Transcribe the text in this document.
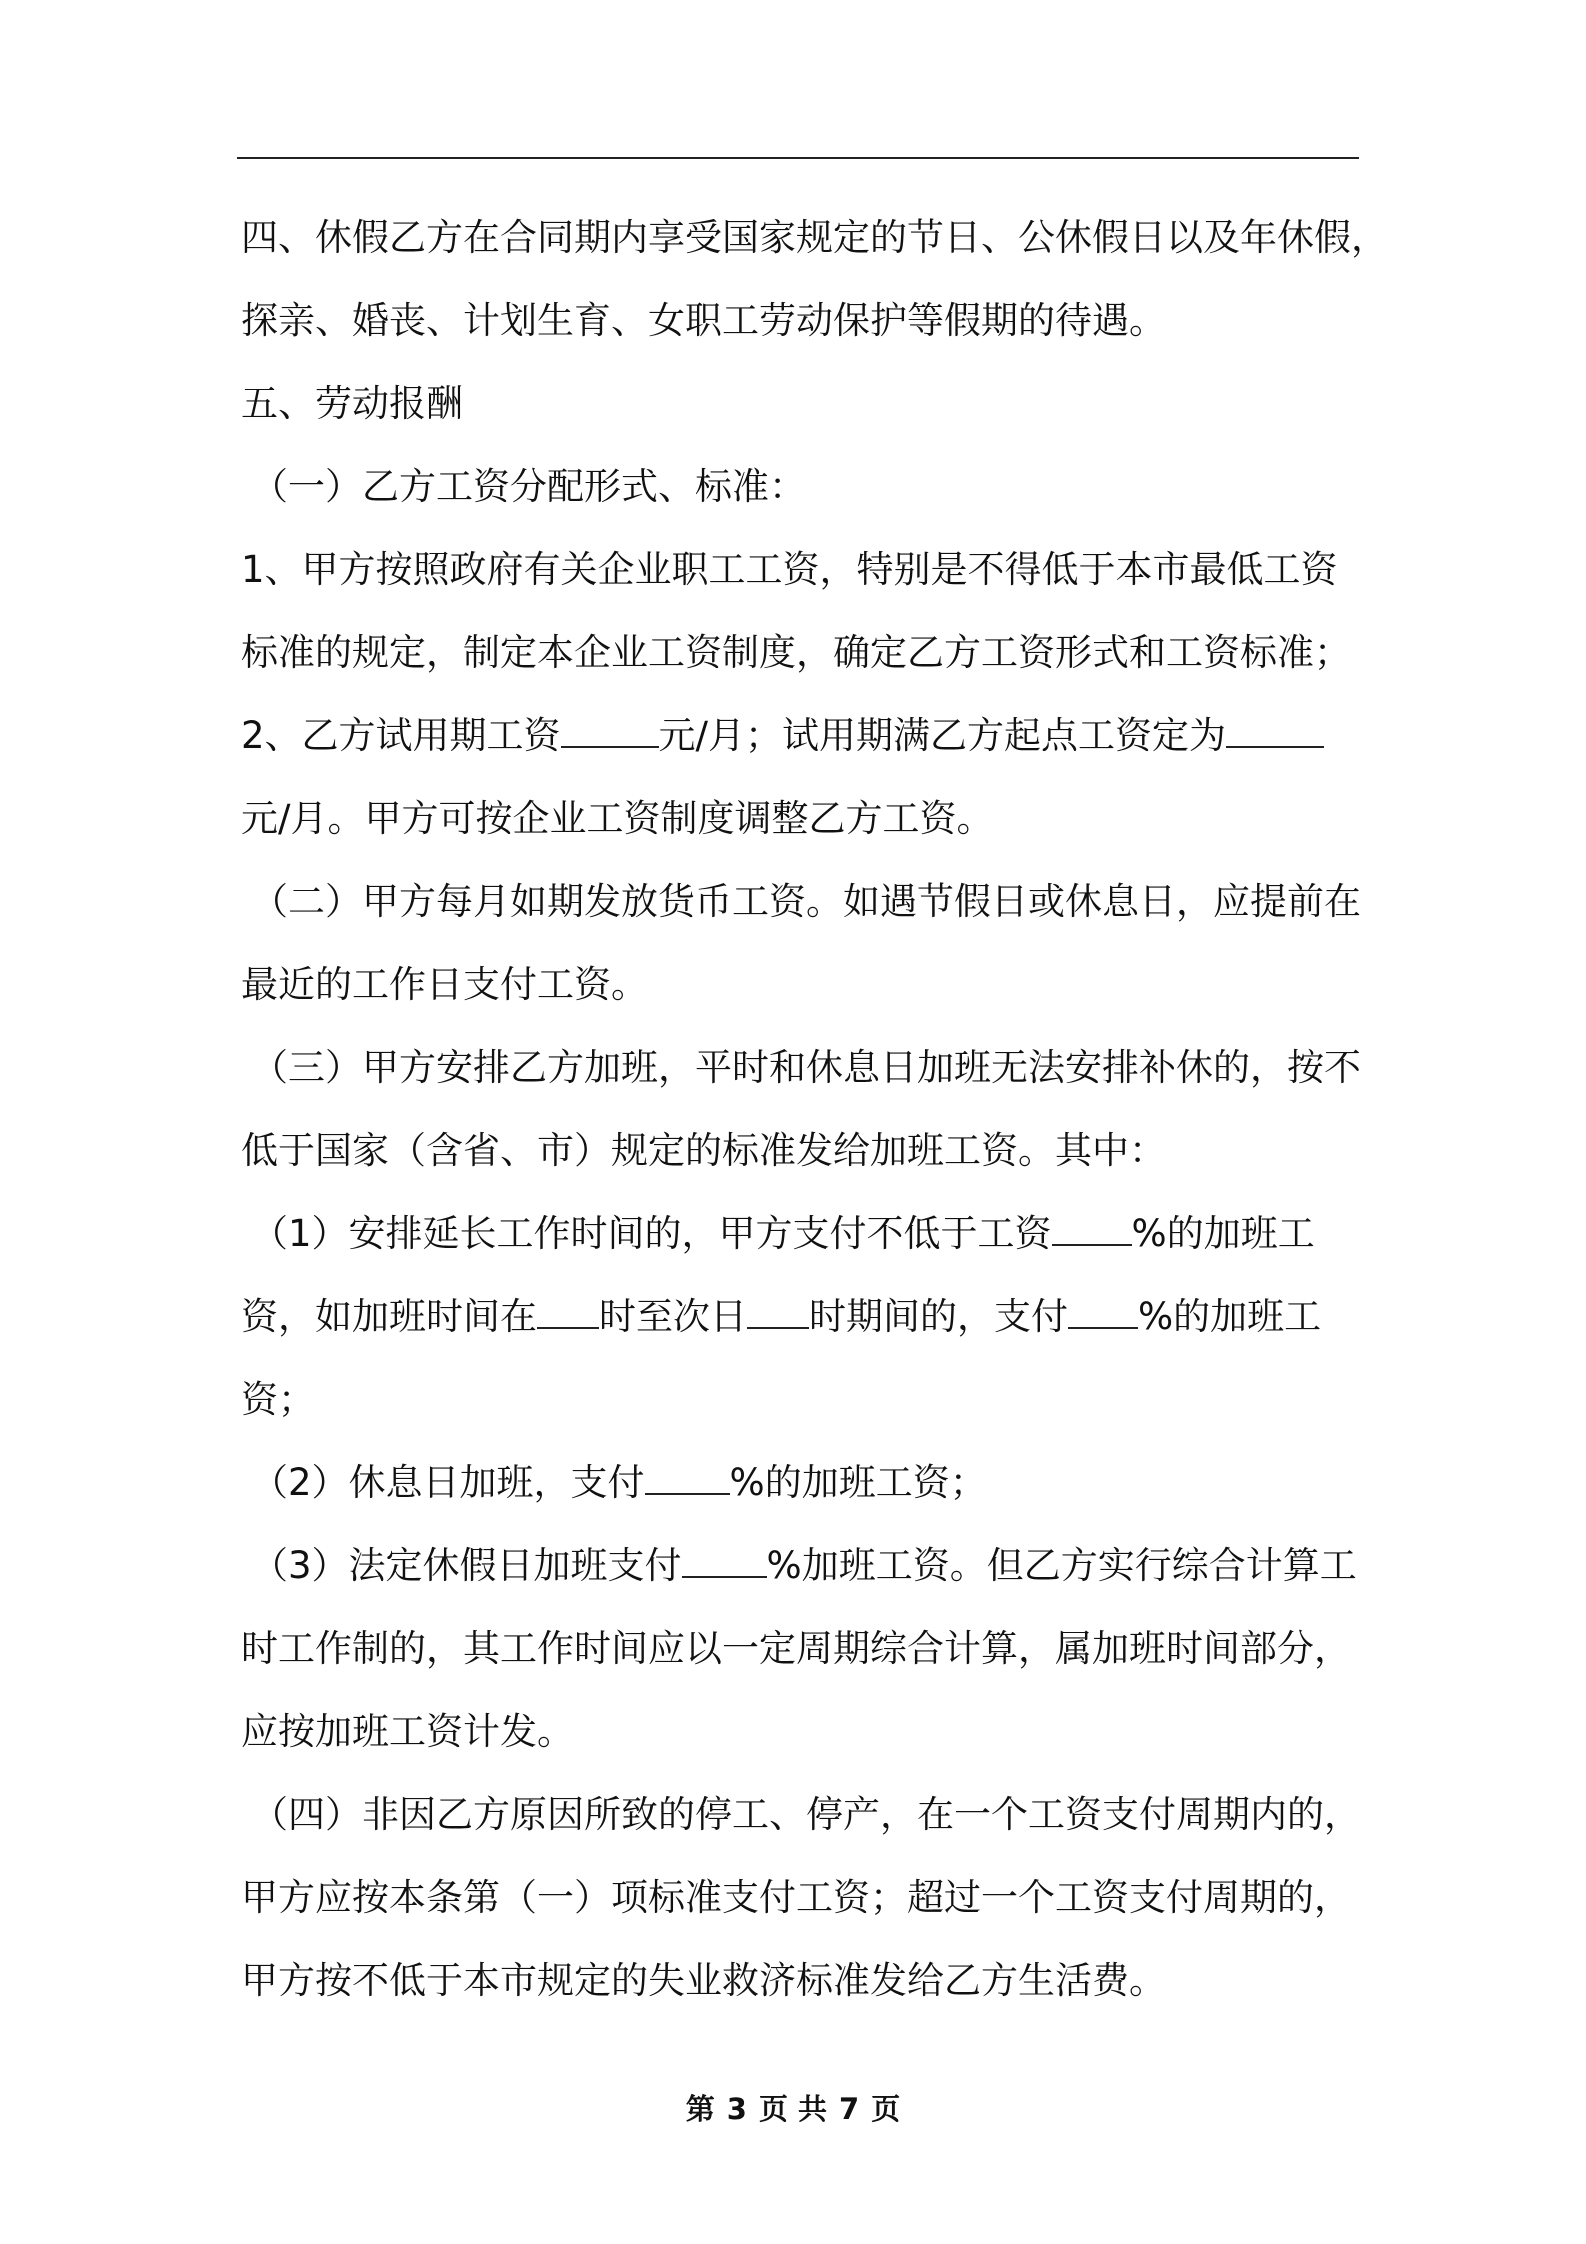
四、休假乙方在合同期内享受国家规定的节日、公休假日以及年休假，
探亲、婚丧、计划生育、女职工劳动保护等假期的待遇。
五、劳动报酬
（一）乙方工资分配形式、标准：
1、甲方按照政府有关企业职工工资，特别是不得低于本市最低工资
标准的规定，制定本企业工资制度，确定乙方工资形式和工资标准；
2、乙方试用期工资	元/月；试用期满乙方起点工资定为
元/月。甲方可按企业工资制度调整乙方工资。
（二）甲方每月如期发放货币工资。如遇节假日或休息日，应提前在
最近的工作日支付工资。
（三）甲方安排乙方加班，平时和休息日加班无法安排补休的，按不
低于国家（含省、市）规定的标准发给加班工资。其中：
（1）安排延长工作时间的，甲方支付不低于工资 %的加班工
资，如加班时间在 时至次日 时期间的，支付 %的加班工
资；
（2）休息日加班，支付 %的加班工资；
（3）法定休假日加班支付 %加班工资。但乙方实行综合计算工
时工作制的，其工作时间应以一定周期综合计算，属加班时间部分，
应按加班工资计发。
（四）非因乙方原因所致的停工、停产，在一个工资支付周期内的，
甲方应按本条第（一）项标准支付工资；超过一个工资支付周期的，
甲方按不低于本市规定的失业救济标准发给乙方生活费。
第 3 页 共 7 页
